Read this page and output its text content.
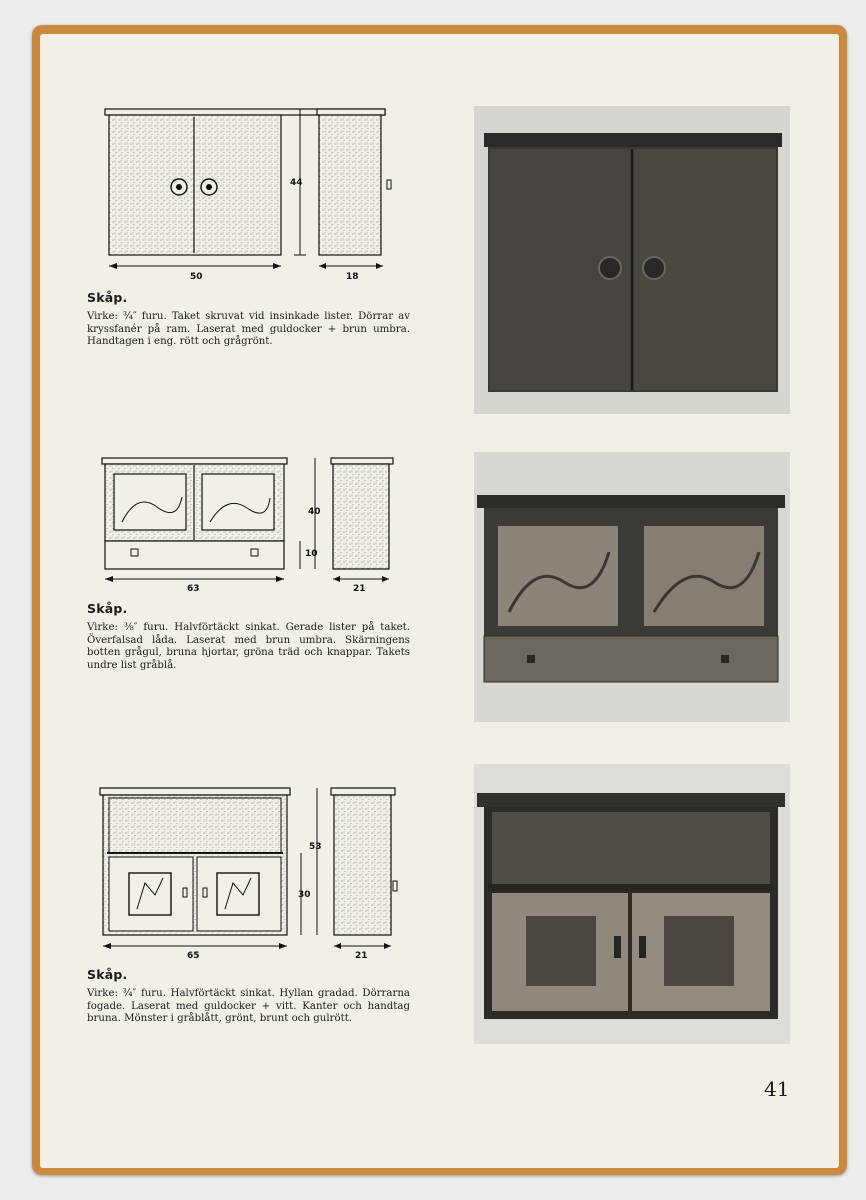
44
50	18
Skåp.

Virke: ¾″ furu. Taket skruvat vid insinkade lister. Dörrar av kryssfanér på ram. Laserat med guldocker + brun umbra. Handtagen i eng. rött och grågrönt.

40
10
63	21
Skåp.

Virke: ⅜″ furu. Halvförtäckt sinkat. Gerade lister på taket. Överfalsad låda. Laserat med brun umbra. Skärningens botten grågul, bruna hjortar, gröna träd och knappar. Takets undre list gråblå.

53
30
65	21
Skåp.

Virke: ¾″ furu. Halvförtäckt sinkat. Hyllan gradad. Dörrarna fogade. Laserat med guldocker + vitt. Kanter och handtag bruna. Mönster i gråblått, grönt, brunt och gulrött.

41
